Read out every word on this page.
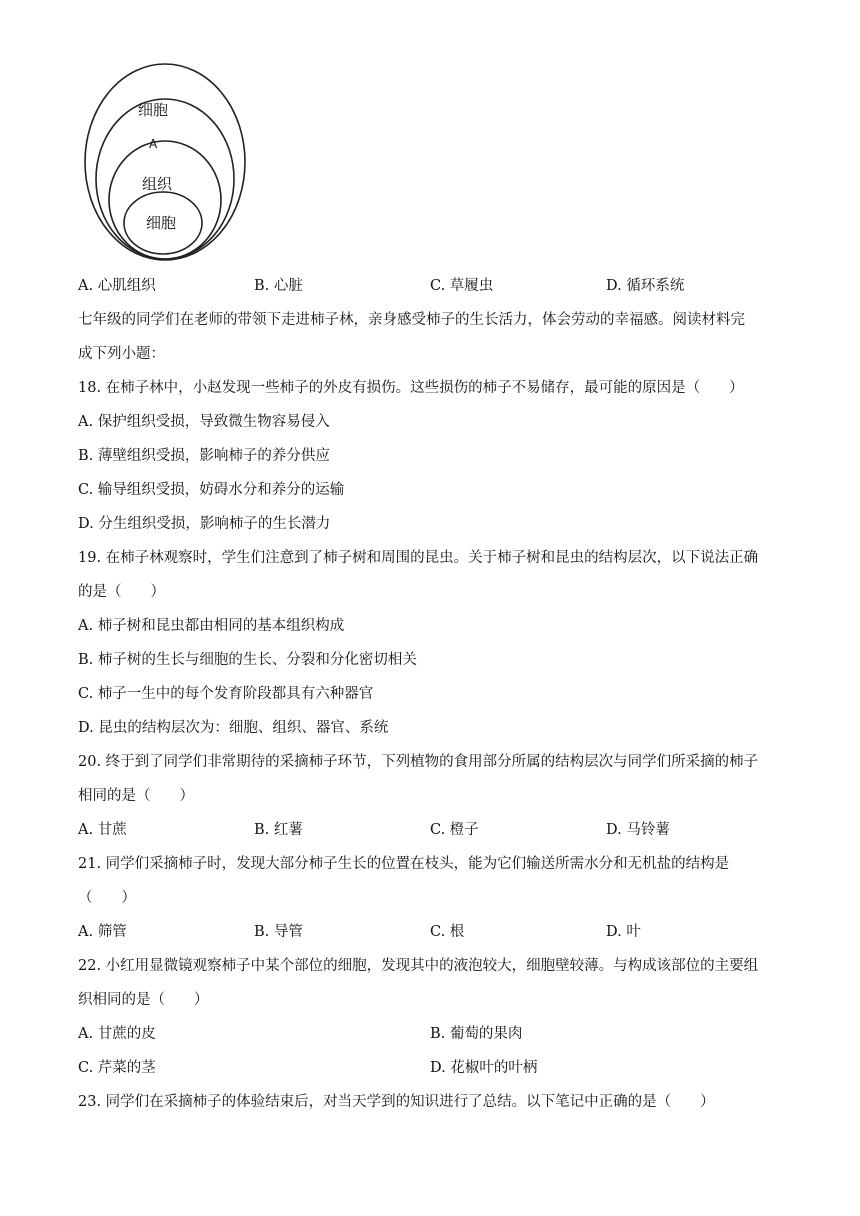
细胞
A
组织
细胞
A. 心肌组织	B. 心脏	C. 草履虫	D. 循环系统
七年级的同学们在老师的带领下走进柿子林，亲身感受柿子的生长活力，体会劳动的幸福感。阅读材料完
成下列小题：
18. 在柿子林中，小赵发现一些柿子的外皮有损伤。这些损伤的柿子不易储存，最可能的原因是（　　）
A. 保护组织受损，导致微生物容易侵入
B. 薄壁组织受损，影响柿子的养分供应
C. 输导组织受损，妨碍水分和养分的运输
D. 分生组织受损，影响柿子的生长潜力
19. 在柿子林观察时，学生们注意到了柿子树和周围的昆虫。关于柿子树和昆虫的结构层次，以下说法正确
的是（　　）
A. 柿子树和昆虫都由相同的基本组织构成
B. 柿子树的生长与细胞的生长、分裂和分化密切相关
C. 柿子一生中的每个发育阶段都具有六种器官
D. 昆虫的结构层次为：细胞、组织、器官、系统
20. 终于到了同学们非常期待的采摘柿子环节，下列植物的食用部分所属的结构层次与同学们所采摘的柿子
相同的是（　　）
A. 甘蔗	B. 红薯	C. 橙子	D. 马铃薯
21. 同学们采摘柿子时，发现大部分柿子生长的位置在枝头，能为它们输送所需水分和无机盐的结构是
（　　）
A. 筛管	B. 导管	C. 根	D. 叶
22. 小红用显微镜观察柿子中某个部位的细胞，发现其中的液泡较大，细胞壁较薄。与构成该部位的主要组
织相同的是（　　）
A. 甘蔗的皮	B. 葡萄的果肉
C. 芹菜的茎	D. 花椒叶的叶柄
23. 同学们在采摘柿子的体验结束后，对当天学到的知识进行了总结。以下笔记中正确的是（　　）
